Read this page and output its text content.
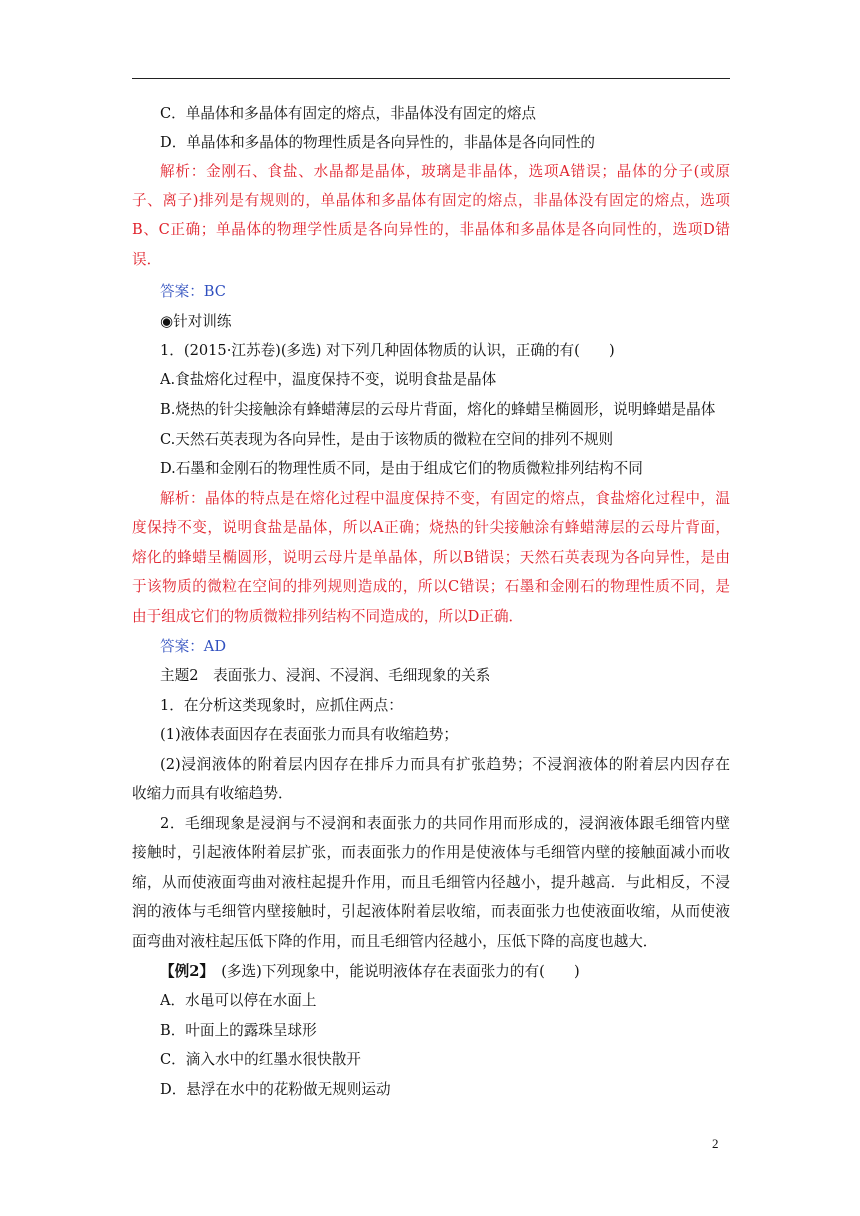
C．单晶体和多晶体有固定的熔点，非晶体没有固定的熔点
D．单晶体和多晶体的物理性质是各向异性的，非晶体是各向同性的
解析：金刚石、食盐、水晶都是晶体，玻璃是非晶体，选项A错误；晶体的分子(或原
子、离子)排列是有规则的，单晶体和多晶体有固定的熔点，非晶体没有固定的熔点，选项
B、C正确；单晶体的物理学性质是各向异性的，非晶体和多晶体是各向同性的，选项D错
误．
答案：BC
◉针对训练
1．(2015·江苏卷)(多选) 对下列几种固体物质的认识，正确的有(　　)
A.食盐熔化过程中，温度保持不变，说明食盐是晶体
B.烧热的针尖接触涂有蜂蜡薄层的云母片背面，熔化的蜂蜡呈椭圆形，说明蜂蜡是晶体
C.天然石英表现为各向异性，是由于该物质的微粒在空间的排列不规则
D.石墨和金刚石的物理性质不同，是由于组成它们的物质微粒排列结构不同
解析：晶体的特点是在熔化过程中温度保持不变，有固定的熔点，食盐熔化过程中，温
度保持不变，说明食盐是晶体，所以A正确；烧热的针尖接触涂有蜂蜡薄层的云母片背面，
熔化的蜂蜡呈椭圆形，说明云母片是单晶体，所以B错误；天然石英表现为各向异性，是由
于该物质的微粒在空间的排列规则造成的，所以C错误；石墨和金刚石的物理性质不同，是
由于组成它们的物质微粒排列结构不同造成的，所以D正确．
答案：AD
主题2　表面张力、浸润、不浸润、毛细现象的关系
1．在分析这类现象时，应抓住两点：
(1)液体表面因存在表面张力而具有收缩趋势；
(2)浸润液体的附着层内因存在排斥力而具有扩张趋势；不浸润液体的附着层内因存在
收缩力而具有收缩趋势．
2．毛细现象是浸润与不浸润和表面张力的共同作用而形成的，浸润液体跟毛细管内壁
接触时，引起液体附着层扩张，而表面张力的作用是使液体与毛细管内壁的接触面减小而收
缩，从而使液面弯曲对液柱起提升作用，而且毛细管内径越小，提升越高．与此相反，不浸
润的液体与毛细管内壁接触时，引起液体附着层收缩，而表面张力也使液面收缩，从而使液
面弯曲对液柱起压低下降的作用，而且毛细管内径越小，压低下降的高度也越大．
【例2】　(多选)下列现象中，能说明液体存在表面张力的有(　　)
A．水黾可以停在水面上
B．叶面上的露珠呈球形
C．滴入水中的红墨水很快散开
D．悬浮在水中的花粉做无规则运动
2
